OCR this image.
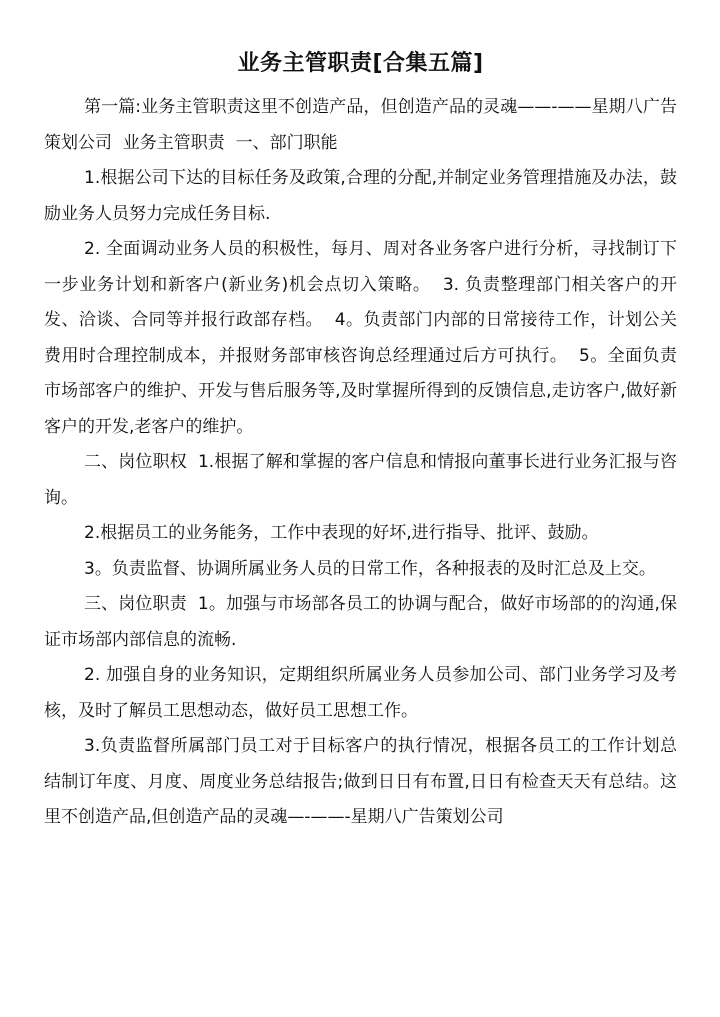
业务主管职责[合集五篇]

第一篇:业务主管职责这里不创造产品，但创造产品的灵魂——-——星期八广告策划公司 ﻿ 业务主管职责 ﻿ 一、部门职能

1.根据公司下达的目标任务及政策,合理的分配,并制定业务管理措施及办法，鼓励业务人员努力完成任务目标.

2. 全面调动业务人员的积极性，每月、周对各业务客户进行分析，寻找制订下一步业务计划和新客户(新业务)机会点切入策略。 ﻿ 3. 负责整理部门相关客户的开发、洽谈、合同等并报行政部存档。 ﻿ 4。负责部门内部的日常接待工作，计划公关费用时合理控制成本，并报财务部审核咨询总经理通过后方可执行。 ﻿ 5。全面负责市场部客户的维护、开发与售后服务等,及时掌握所得到的反馈信息,走访客户,做好新客户的开发,老客户的维护。

二、岗位职权 ﻿ 1.根据了解和掌握的客户信息和情报向董事长进行业务汇报与咨询。

2.根据员工的业务能务，工作中表现的好坏,进行指导、批评、鼓励。

3。负责监督、协调所属业务人员的日常工作，各种报表的及时汇总及上交。

三、岗位职责 ﻿ 1。加强与市场部各员工的协调与配合，做好市场部的的沟通,保证市场部内部信息的流畅.

2. 加强自身的业务知识，定期组织所属业务人员参加公司、部门业务学习及考核，及时了解员工思想动态，做好员工思想工作。

3.负责监督所属部门员工对于目标客户的执行情况，根据各员工的工作计划总结制订年度、月度、周度业务总结报告;做到日日有布置,日日有检查天天有总结。这里不创造产品,但创造产品的灵魂—-——-星期八广告策划公司
